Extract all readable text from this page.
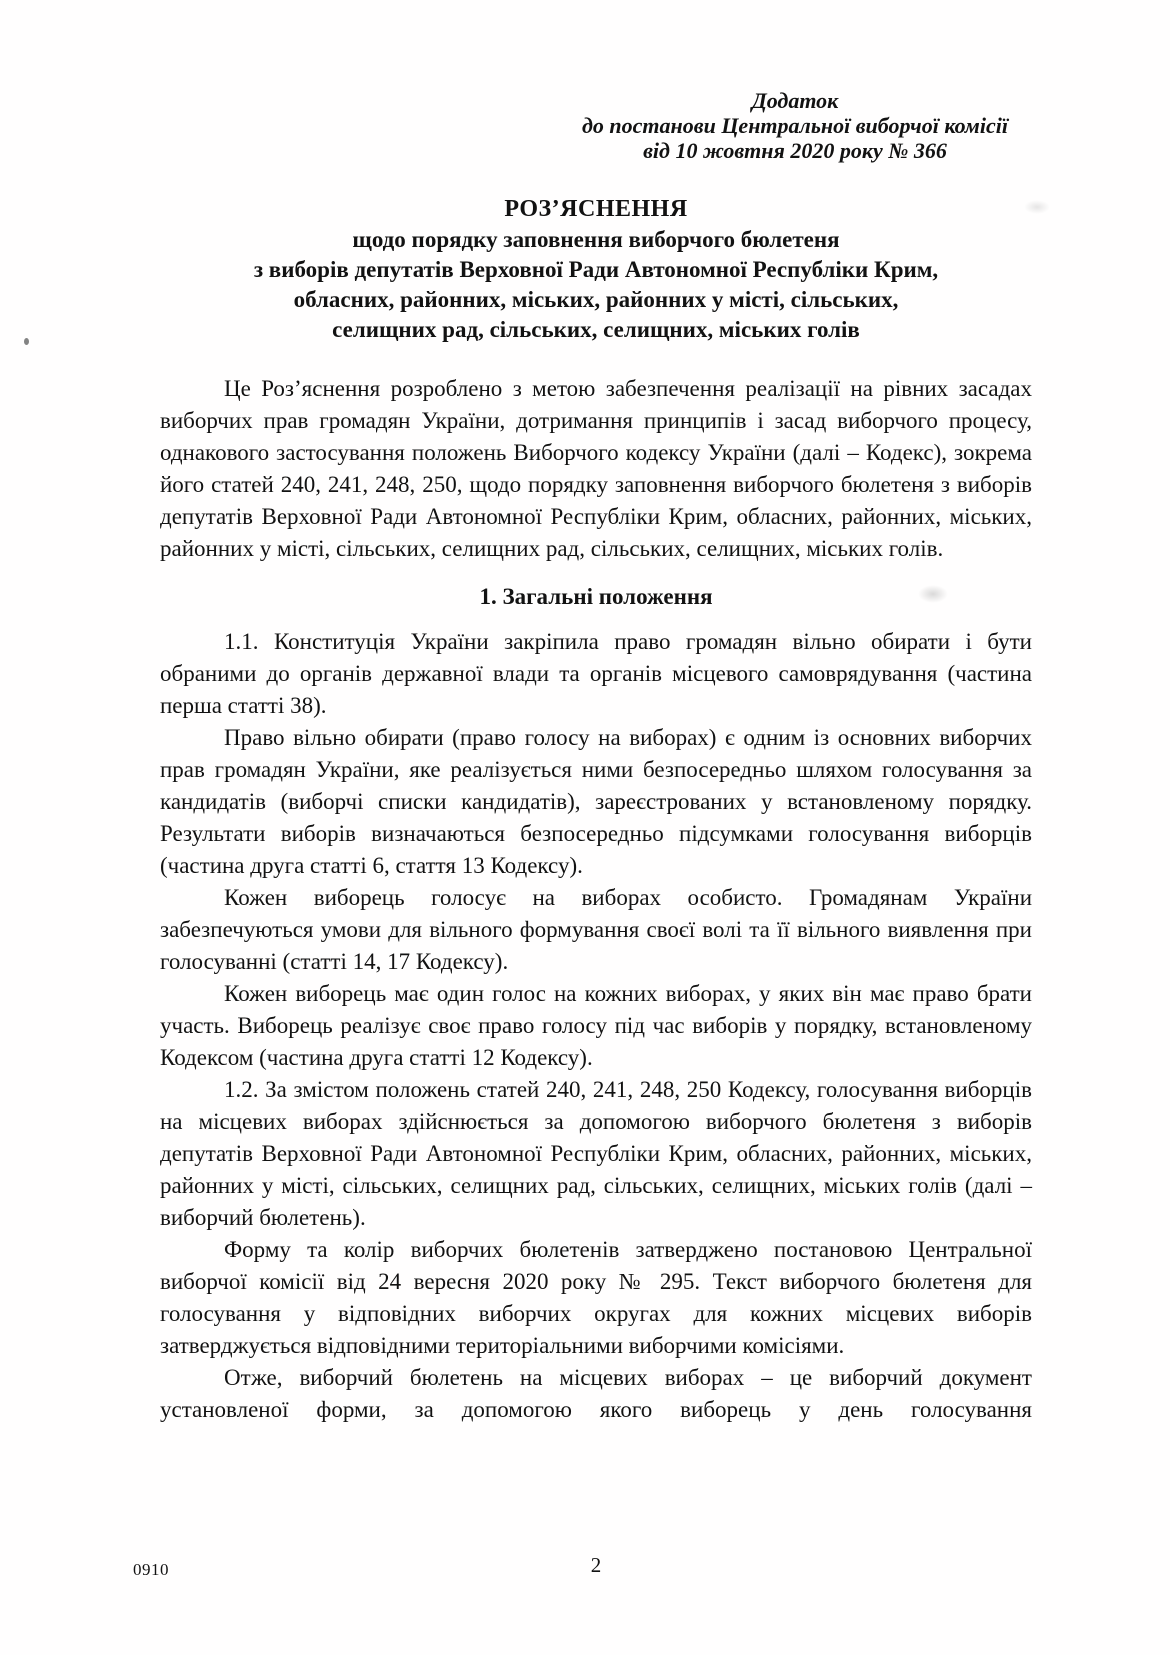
Додаток
до постанови Центральної виборчої комісії
від 10 жовтня 2020 року № 366
РОЗ’ЯСНЕННЯ
щодо порядку заповнення виборчого бюлетеня
з виборів депутатів Верховної Ради Автономної Республіки Крим,
обласних, районних, міських, районних у місті, сільських,
селищних рад, сільських, селищних, міських голів

Це Роз’яснення розроблено з метою забезпечення реалізації на рівних засадах виборчих прав громадян України, дотримання принципів і засад виборчого процесу, однакового застосування положень Виборчого кодексу України (далі – Кодекс), зокрема його статей 240, 241, 248, 250, щодо порядку заповнення виборчого бюлетеня з виборів депутатів Верховної Ради Автономної Республіки Крим, обласних, районних, міських, районних у місті, сільських, селищних рад, сільських, селищних, міських голів.

1. Загальні положення

1.1. Конституція України закріпила право громадян вільно обирати і бути обраними до органів державної влади та органів місцевого самоврядування (частина перша статті 38).

Право вільно обирати (право голосу на виборах) є одним із основних виборчих прав громадян України, яке реалізується ними безпосередньо шляхом голосування за кандидатів (виборчі списки кандидатів), зареєстрованих у встановленому порядку. Результати виборів визначаються безпосередньо підсумками голосування виборців (частина друга статті 6, стаття 13 Кодексу).

Кожен виборець голосує на виборах особисто. Громадянам України забезпечуються умови для вільного формування своєї волі та її вільного виявлення при голосуванні (статті 14, 17 Кодексу).

Кожен виборець має один голос на кожних виборах, у яких він має право брати участь. Виборець реалізує своє право голосу під час виборів у порядку, встановленому Кодексом (частина друга статті 12 Кодексу).

1.2. За змістом положень статей 240, 241, 248, 250 Кодексу, голосування виборців на місцевих виборах здійснюється за допомогою виборчого бюлетеня з виборів депутатів Верховної Ради Автономної Республіки Крим, обласних, районних, міських, районних у місті, сільських, селищних рад, сільських, селищних, міських голів (далі – виборчий бюлетень).

Форму та колір виборчих бюлетенів затверджено постановою Центральної виборчої комісії від 24 вересня 2020 року № 295. Текст виборчого бюлетеня для голосування у відповідних виборчих округах для кожних місцевих виборів затверджується відповідними територіальними виборчими комісіями.

Отже, виборчий бюлетень на місцевих виборах – це виборчий документ установленої форми, за допомогою якого виборець у день голосування

0910	2
